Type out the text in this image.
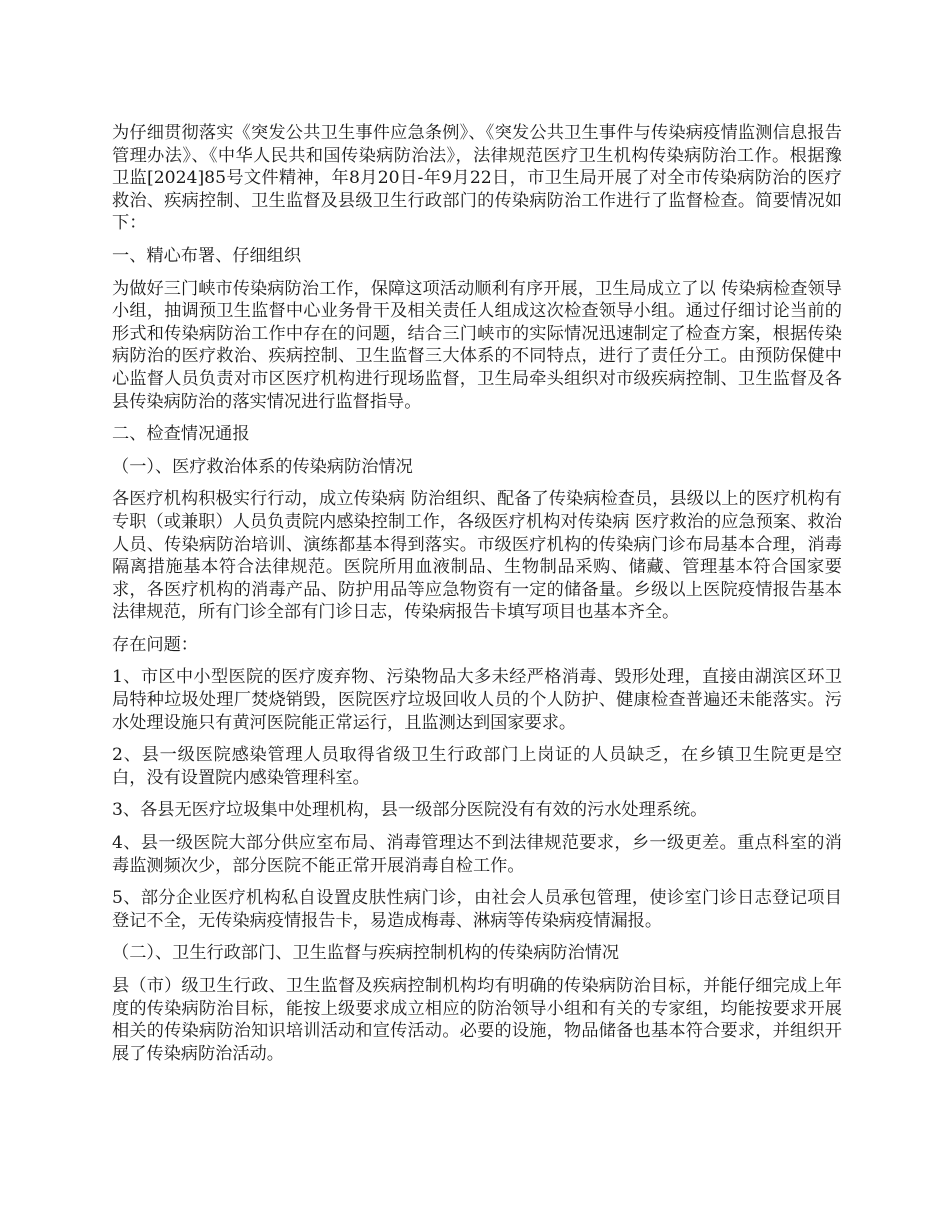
为仔细贯彻落实《突发公共卫生事件应急条例》、《突发公共卫生事件与传染病疫情监测信息报告管理办法》、《中华人民共和国传染病防治法》，法律规范医疗卫生机构传染病防治工作。根据豫卫监[2024]85号文件精神，年8月20日-年9月22日，市卫生局开展了对全市传染病防治的医疗救治、疾病控制、卫生监督及县级卫生行政部门的传染病防治工作进行了监督检查。简要情况如下：

一、精心布署、仔细组织

为做好三门峡市传染病防治工作，保障这项活动顺利有序开展，卫生局成立了以 传染病检查领导小组，抽调预卫生监督中心业务骨干及相关责任人组成这次检查领导小组。通过仔细讨论当前的形式和传染病防治工作中存在的问题，结合三门峡市的实际情况迅速制定了检查方案，根据传染病防治的医疗救治、疾病控制、卫生监督三大体系的不同特点，进行了责任分工。由预防保健中心监督人员负责对市区医疗机构进行现场监督，卫生局牵头组织对市级疾病控制、卫生监督及各县传染病防治的落实情况进行监督指导。

二、检查情况通报

（一）、医疗救治体系的传染病防治情况

各医疗机构积极实行行动，成立传染病 防治组织、配备了传染病检查员，县级以上的医疗机构有专职（或兼职）人员负责院内感染控制工作，各级医疗机构对传染病 医疗救治的应急预案、救治人员、传染病防治培训、演练都基本得到落实。市级医疗机构的传染病门诊布局基本合理，消毒隔离措施基本符合法律规范。医院所用血液制品、生物制品采购、储藏、管理基本符合国家要求，各医疗机构的消毒产品、防护用品等应急物资有一定的储备量。乡级以上医院疫情报告基本法律规范，所有门诊全部有门诊日志，传染病报告卡填写项目也基本齐全。

存在问题：

1、市区中小型医院的医疗废弃物、污染物品大多未经严格消毒、毁形处理，直接由湖滨区环卫局特种垃圾处理厂焚烧销毁，医院医疗垃圾回收人员的个人防护、健康检查普遍还未能落实。污水处理设施只有黄河医院能正常运行，且监测达到国家要求。

2、县一级医院感染管理人员取得省级卫生行政部门上岗证的人员缺乏，在乡镇卫生院更是空白，没有设置院内感染管理科室。

3、各县无医疗垃圾集中处理机构，县一级部分医院没有有效的污水处理系统。

4、县一级医院大部分供应室布局、消毒管理达不到法律规范要求，乡一级更差。重点科室的消毒监测频次少，部分医院不能正常开展消毒自检工作。

5、部分企业医疗机构私自设置皮肤性病门诊，由社会人员承包管理，使诊室门诊日志登记项目登记不全，无传染病疫情报告卡，易造成梅毒、淋病等传染病疫情漏报。

（二）、卫生行政部门、卫生监督与疾病控制机构的传染病防治情况

县（市）级卫生行政、卫生监督及疾病控制机构均有明确的传染病防治目标，并能仔细完成上年度的传染病防治目标，能按上级要求成立相应的防治领导小组和有关的专家组，均能按要求开展相关的传染病防治知识培训活动和宣传活动。必要的设施，物品储备也基本符合要求，并组织开展了传染病防治活动。
